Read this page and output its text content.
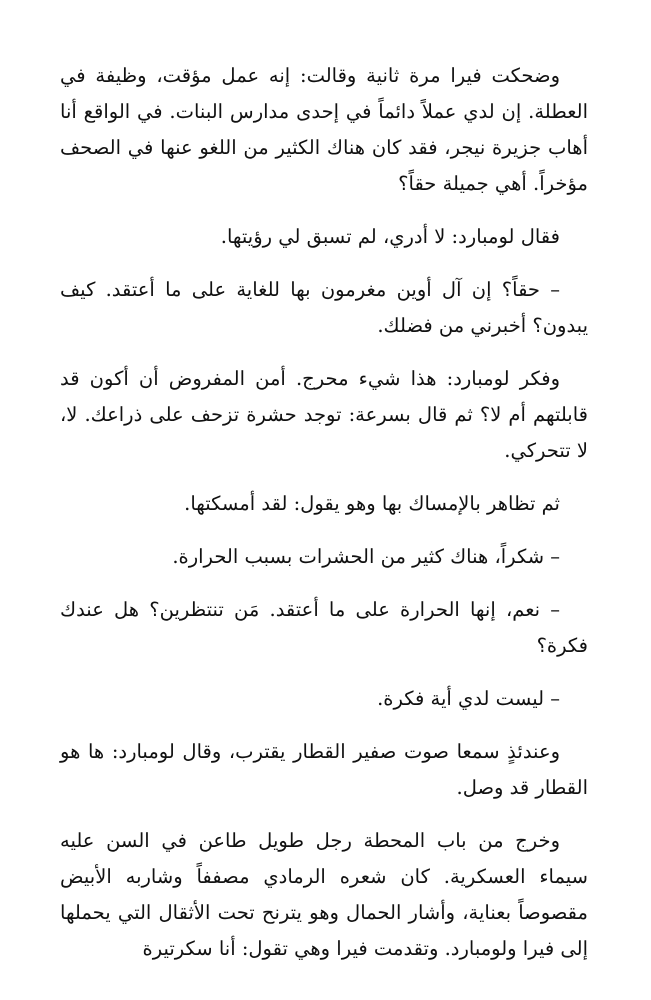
وضحكت فيرا مرة ثانية وقالت: إنه عمل مؤقت، وظيفة في العطلة. إن لدي عملاً دائماً في إحدى مدارس البنات. في الواقع أنا أهاب جزيرة نيجر، فقد كان هناك الكثير من اللغو عنها في الصحف مؤخراً. أهي جميلة حقاً؟

فقال لومبارد: لا أدري، لم تسبق لي رؤيتها.

– حقاً؟ إن آل أوين مغرمون بها للغاية على ما أعتقد. كيف يبدون؟ أخبرني من فضلك.

وفكر لومبارد: هذا شيء محرج. أمن المفروض أن أكون قد قابلتهم أم لا؟ ثم قال بسرعة: توجد حشرة تزحف على ذراعك. لا، لا تتحركي.

ثم تظاهر بالإمساك بها وهو يقول: لقد أمسكتها.

– شكراً، هناك كثير من الحشرات بسبب الحرارة.

– نعم، إنها الحرارة على ما أعتقد. مَن تنتظرين؟ هل عندك فكرة؟

– ليست لدي أية فكرة.

وعندئذٍ سمعا صوت صفير القطار يقترب، وقال لومبارد: ها هو القطار قد وصل.

وخرج من باب المحطة رجل طويل طاعن في السن عليه سيماء العسكرية. كان شعره الرمادي مصففاً وشاربه الأبيض مقصوصاً بعناية، وأشار الحمال وهو يترنح تحت الأثقال التي يحملها إلى فيرا ولومبارد. وتقدمت فيرا وهي تقول: أنا سكرتيرة
